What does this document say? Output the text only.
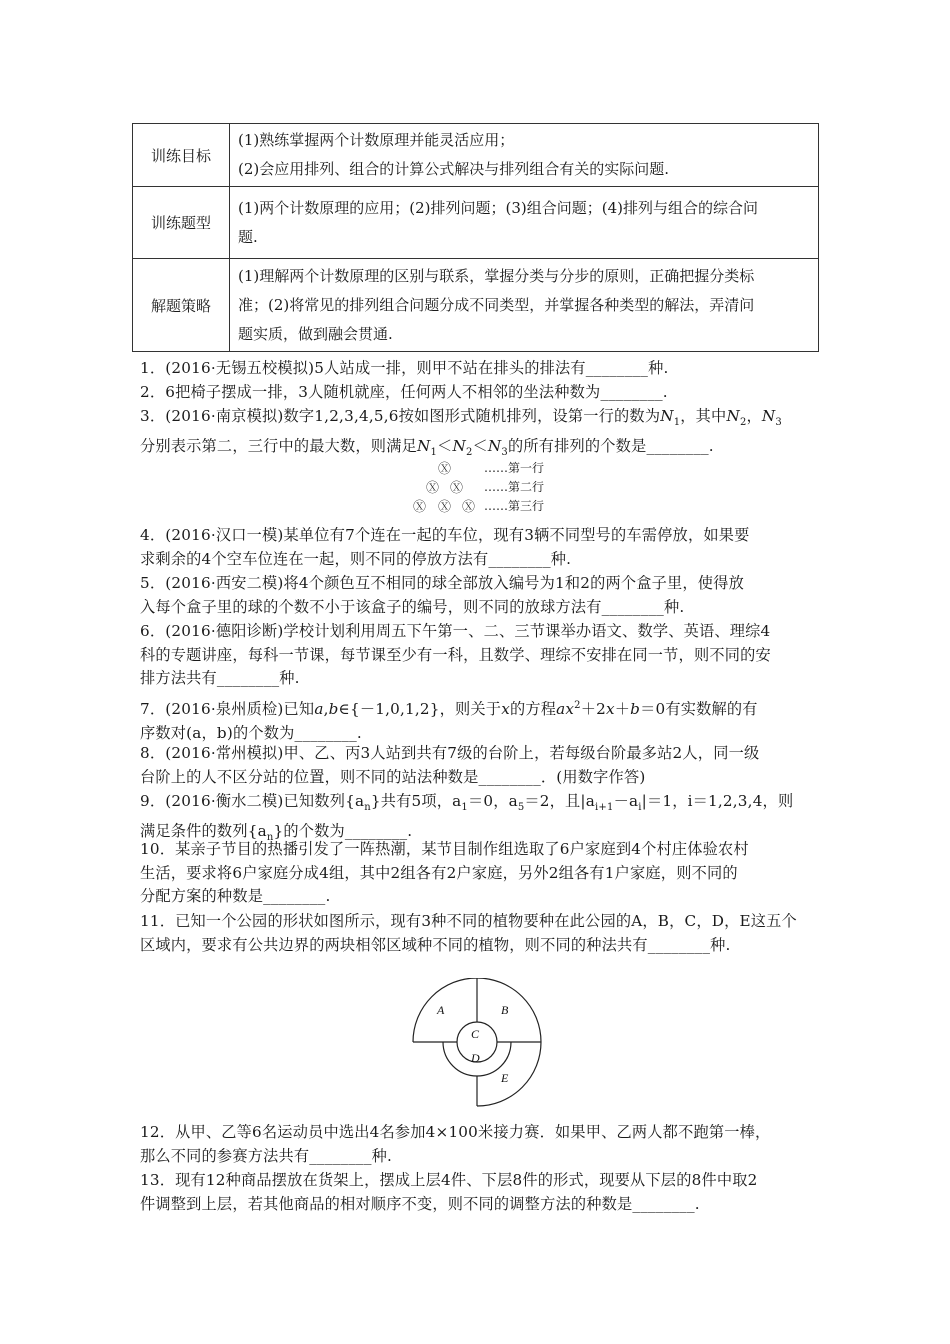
训练目标	(1)熟练掌握两个计数原理并能灵活应用；
(2)会应用排列、组合的计算公式解决与排列组合有关的实际问题.

训练题型	(1)两个计数原理的应用；(2)排列问题；(3)组合问题；(4)排列与组合的综合问
题.

解题策略	(1)理解两个计数原理的区别与联系，掌握分类与分步的原则，正确把握分类标
准；(2)将常见的排列组合问题分成不同类型，并掌握各种类型的解法，弄清问
题实质，做到融会贯通.

1．(2016·无锡五校模拟)5人站成一排，则甲不站在排头的排法有________种.

2．6把椅子摆成一排，3人随机就座，任何两人不相邻的坐法种数为________.

3．(2016·南京模拟)数字1,2,3,4,5,6按如图形式随机排列，设第一行的数为$N_1$，其中$N_2$，$N_3$
分别表示第二，三行中的最大数，则满足$N_1<N_2<N_3$的所有排列的个数是________.

Ⓧ
Ⓧ Ⓧ
Ⓧ Ⓧ Ⓧ
……第一行
……第二行
……第三行

4．(2016·汉口一模)某单位有7个连在一起的车位，现有3辆不同型号的车需停放，如果要
求剩余的4个空车位连在一起，则不同的停放方法有________种.

5．(2016·西安二模)将4个颜色互不相同的球全部放入编号为1和2的两个盒子里，使得放
入每个盒子里的球的个数不小于该盒子的编号，则不同的放球方法有________种.

6．(2016·德阳诊断)学校计划利用周五下午第一、二、三节课举办语文、数学、英语、理综4
科的专题讲座，每科一节课，每节课至少有一科，且数学、理综不安排在同一节，则不同的安
排方法共有________种.

7．(2016·泉州质检)已知a,b∈{－1,0,1,2}，则关于x的方程$ax^2+2x+b=0$有实数解的有
序数对(a，b)的个数为________.

8．(2016·常州模拟)甲、乙、丙3人站到共有7级的台阶上，若每级台阶最多站2人，同一级
台阶上的人不区分站的位置，则不同的站法种数是________．(用数字作答)

9．(2016·衡水二模)已知数列$\{a_n\}$共有5项，$a_1=0$，$a_5=2$，且$|a_{i+1}-a_i|=1$，i＝1,2,3,4，则
满足条件的数列$\{a_n\}$的个数为________.

10．某亲子节目的热播引发了一阵热潮，某节目制作组选取了6户家庭到4个村庄体验农村
生活，要求将6户家庭分成4组，其中2组各有2户家庭，另外2组各有1户家庭，则不同的
分配方案的种数是________.

11．已知一个公园的形状如图所示，现有3种不同的植物要种在此公园的A，B，C，D，E这五个
区域内，要求有公共边界的两块相邻区域种不同的植物，则不同的种法共有________种.

A	B
C
D
E

12．从甲、乙等6名运动员中选出4名参加4×100米接力赛．如果甲、乙两人都不跑第一棒，
那么不同的参赛方法共有________种.

13．现有12种商品摆放在货架上，摆成上层4件、下层8件的形式，现要从下层的8件中取2
件调整到上层，若其他商品的相对顺序不变，则不同的调整方法的种数是________.
